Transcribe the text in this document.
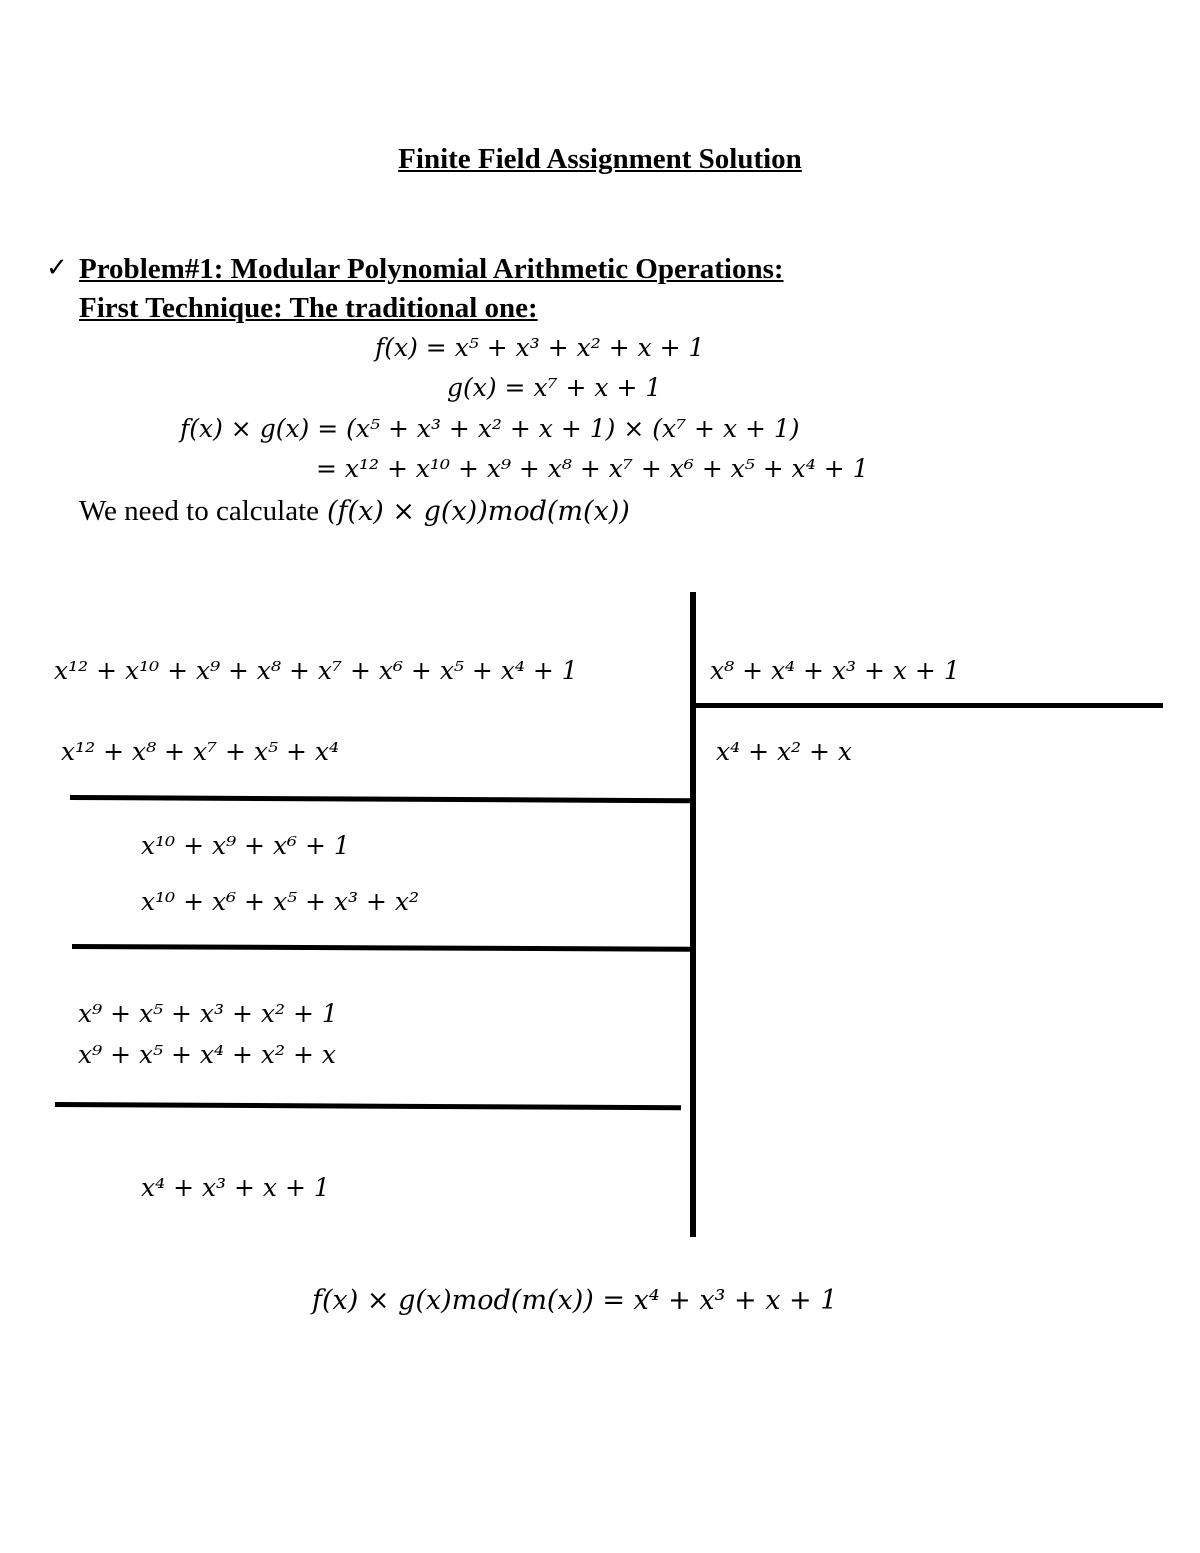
Finite Field Assignment Solution
✓ Problem#1: Modular Polynomial Arithmetic Operations:
First Technique: The traditional one:
f(x) = x⁵ + x³ + x² + x + 1
g(x) = x⁷ + x + 1
f(x) × g(x) = (x⁵ + x³ + x² + x + 1) × (x⁷ + x + 1)
= x¹² + x¹⁰ + x⁹ + x⁸ + x⁷ + x⁶ + x⁵ + x⁴ + 1
We need to calculate (f(x) × g(x))mod(m(x))
x¹² + x¹⁰ + x⁹ + x⁸ + x⁷ + x⁶ + x⁵ + x⁴ + 1	x⁸ + x⁴ + x³ + x + 1
x⁴ + x² + x
x¹² + x⁸ + x⁷ + x⁵ + x⁴
x¹⁰ + x⁹ + x⁶ + 1
x¹⁰ + x⁶ + x⁵ + x³ + x²
x⁹ + x⁵ + x³ + x² + 1
x⁹ + x⁵ + x⁴ + x² + x
x⁴ + x³ + x + 1
f(x) × g(x)mod(m(x)) = x⁴ + x³ + x + 1
